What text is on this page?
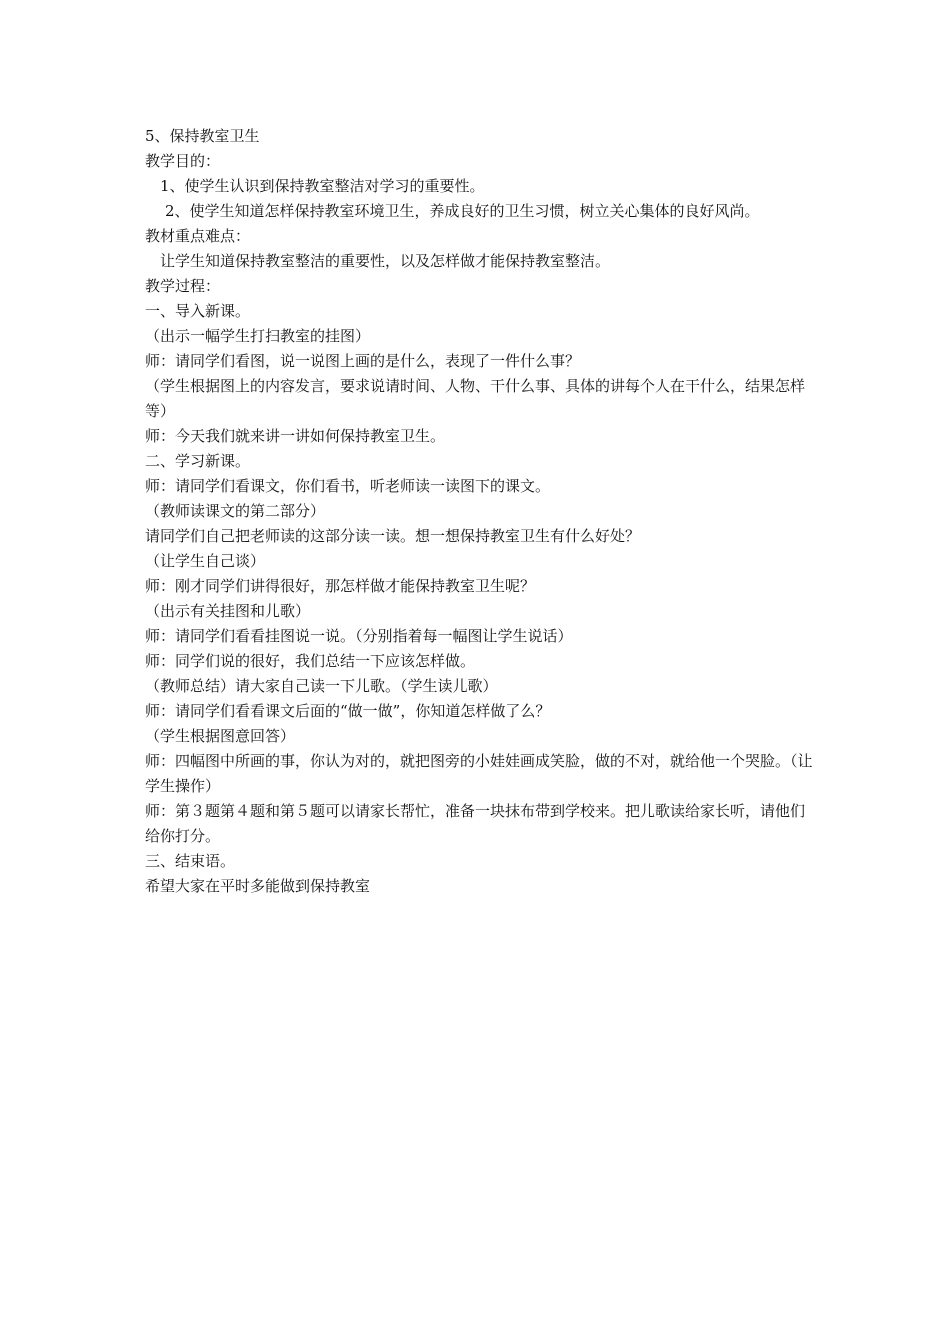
5、保持教室卫生

教学目的：

1、使学生认识到保持教室整洁对学习的重要性。

2、使学生知道怎样保持教室环境卫生，养成良好的卫生习惯，树立关心集体的良好风尚。

教材重点难点：

让学生知道保持教室整洁的重要性，以及怎样做才能保持教室整洁。

教学过程：

一、导入新课。

（出示一幅学生打扫教室的挂图）

师：请同学们看图，说一说图上画的是什么，表现了一件什么事？

（学生根据图上的内容发言，要求说请时间、人物、干什么事、具体的讲每个人在干什么，结果怎样等）

师：今天我们就来讲一讲如何保持教室卫生。

二、学习新课。

师：请同学们看课文，你们看书，听老师读一读图下的课文。

（教师读课文的第二部分）

请同学们自己把老师读的这部分读一读。想一想保持教室卫生有什么好处？

（让学生自己谈）

师：刚才同学们讲得很好，那怎样做才能保持教室卫生呢？

（出示有关挂图和儿歌）

师：请同学们看看挂图说一说。（分别指着每一幅图让学生说话）

师：同学们说的很好，我们总结一下应该怎样做。

（教师总结）请大家自己读一下儿歌。（学生读儿歌）

师：请同学们看看课文后面的“做一做”，你知道怎样做了么？

（学生根据图意回答）

师：四幅图中所画的事，你认为对的，就把图旁的小娃娃画成笑脸，做的不对，就给他一个哭脸。（让学生操作）

师：第３题第４题和第５题可以请家长帮忙，准备一块抹布带到学校来。把儿歌读给家长听，请他们给你打分。

三、结束语。

希望大家在平时多能做到保持教室
